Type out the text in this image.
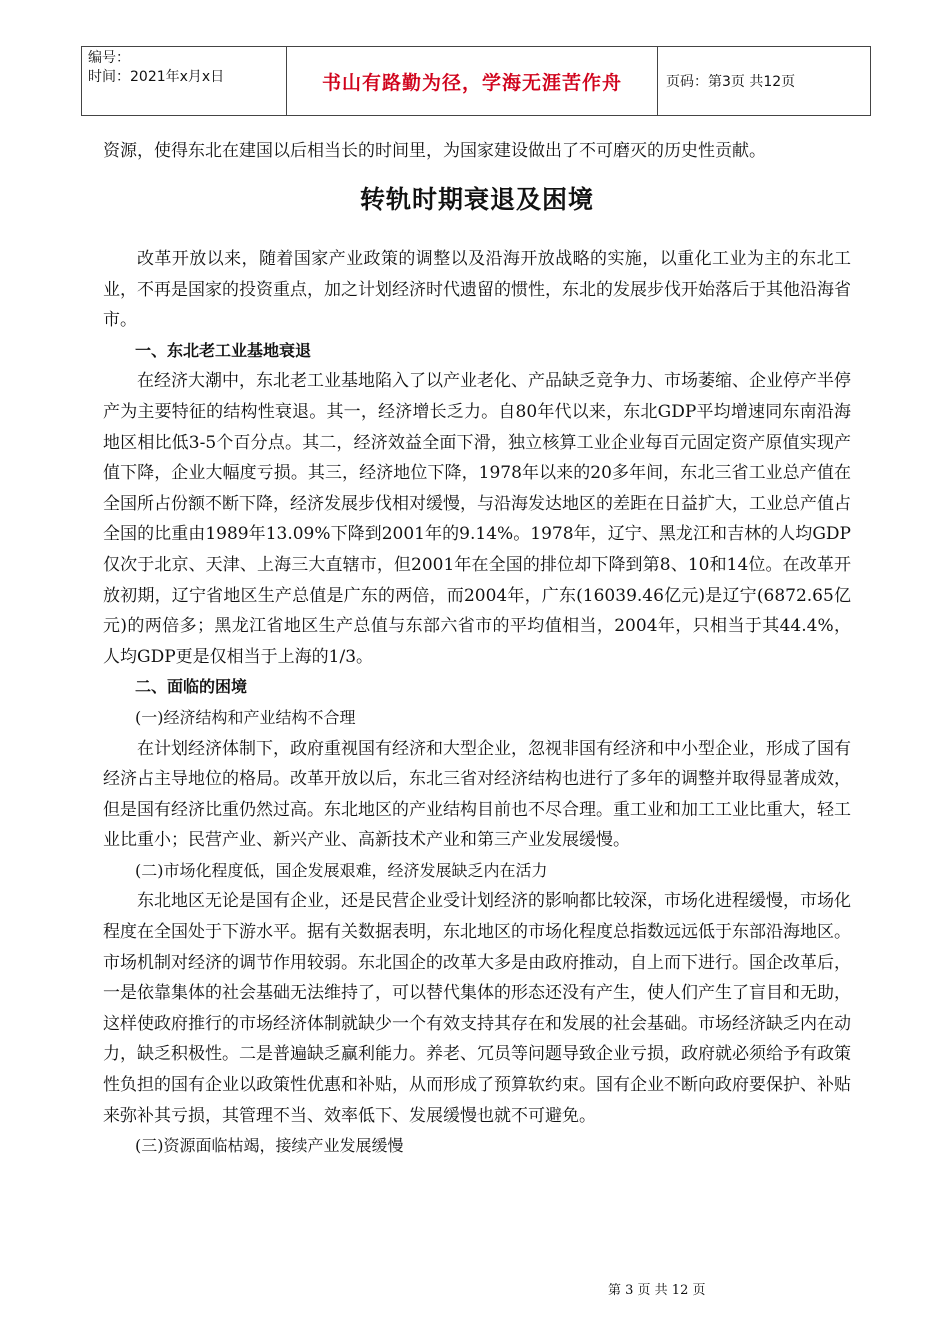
编号：
时间：2021年x月x日	书山有路勤为径，学海无涯苦作舟	页码：第3页 共12页

资源，使得东北在建国以后相当长的时间里，为国家建设做出了不可磨灭的历史性贡献。

转轨时期衰退及困境

改革开放以来，随着国家产业政策的调整以及沿海开放战略的实施，以重化工业为主的东北工业，不再是国家的投资重点，加之计划经济时代遗留的惯性，东北的发展步伐开始落后于其他沿海省市。

一、东北老工业基地衰退

在经济大潮中，东北老工业基地陷入了以产业老化、产品缺乏竞争力、市场萎缩、企业停产半停产为主要特征的结构性衰退。其一，经济增长乏力。自80年代以来，东北GDP平均增速同东南沿海地区相比低3-5个百分点。其二，经济效益全面下滑，独立核算工业企业每百元固定资产原值实现产值下降，企业大幅度亏损。其三，经济地位下降，1978年以来的20多年间，东北三省工业总产值在全国所占份额不断下降，经济发展步伐相对缓慢，与沿海发达地区的差距在日益扩大，工业总产值占全国的比重由1989年13.09%下降到2001年的9.14%。1978年，辽宁、黑龙江和吉林的人均GDP仅次于北京、天津、上海三大直辖市，但2001年在全国的排位却下降到第8、10和14位。在改革开放初期，辽宁省地区生产总值是广东的两倍，而2004年，广东(16039.46亿元)是辽宁(6872.65亿元)的两倍多；黑龙江省地区生产总值与东部六省市的平均值相当，2004年，只相当于其44.4%，人均GDP更是仅相当于上海的1/3。

二、面临的困境
(一)经济结构和产业结构不合理

在计划经济体制下，政府重视国有经济和大型企业，忽视非国有经济和中小型企业，形成了国有经济占主导地位的格局。改革开放以后，东北三省对经济结构也进行了多年的调整并取得显著成效，但是国有经济比重仍然过高。东北地区的产业结构目前也不尽合理。重工业和加工工业比重大，轻工业比重小；民营产业、新兴产业、高新技术产业和第三产业发展缓慢。

(二)市场化程度低，国企发展艰难，经济发展缺乏内在活力

东北地区无论是国有企业，还是民营企业受计划经济的影响都比较深，市场化进程缓慢，市场化程度在全国处于下游水平。据有关数据表明，东北地区的市场化程度总指数远远低于东部沿海地区。市场机制对经济的调节作用较弱。东北国企的改革大多是由政府推动，自上而下进行。国企改革后，一是依靠集体的社会基础无法维持了，可以替代集体的形态还没有产生，使人们产生了盲目和无助，这样使政府推行的市场经济体制就缺少一个有效支持其存在和发展的社会基础。市场经济缺乏内在动力，缺乏积极性。二是普遍缺乏赢利能力。养老、冗员等问题导致企业亏损，政府就必须给予有政策性负担的国有企业以政策性优惠和补贴，从而形成了预算软约束。国有企业不断向政府要保护、补贴来弥补其亏损，其管理不当、效率低下、发展缓慢也就不可避免。

(三)资源面临枯竭，接续产业发展缓慢
第 3 页 共 12 页
